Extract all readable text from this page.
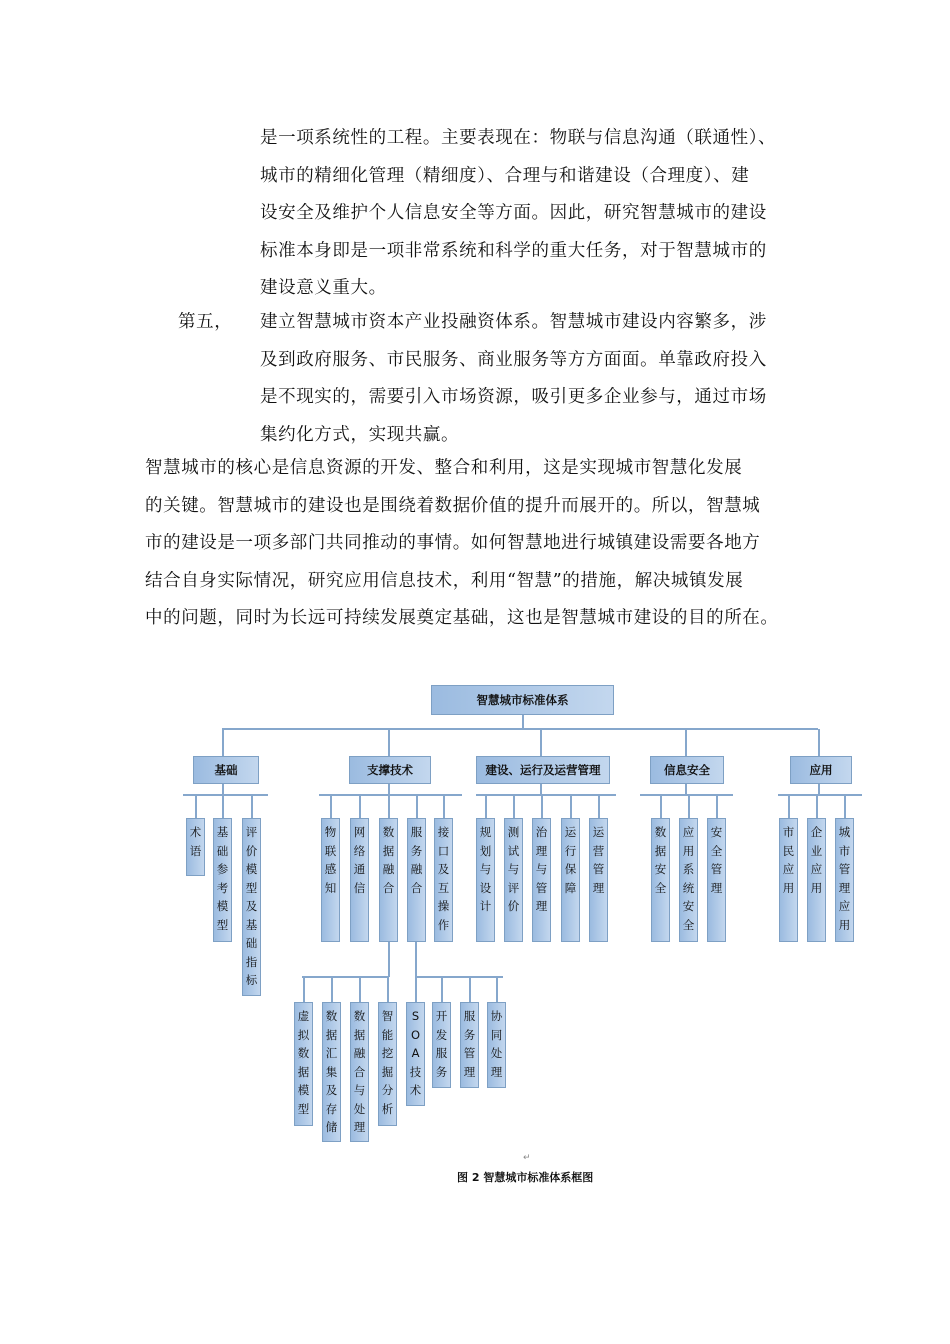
是一项系统性的工程。主要表现在：物联与信息沟通（联通性）、
城市的精细化管理（精细度）、合理与和谐建设（合理度）、建
设安全及维护个人信息安全等方面。因此，研究智慧城市的建设
标准本身即是一项非常系统和科学的重大任务，对于智慧城市的
建设意义重大。
第五， 建立智慧城市资本产业投融资体系。智慧城市建设内容繁多，涉
及到政府服务、市民服务、商业服务等方方面面。单靠政府投入
是不现实的，需要引入市场资源，吸引更多企业参与，通过市场
集约化方式，实现共赢。
智慧城市的核心是信息资源的开发、整合和利用，这是实现城市智慧化发展
的关键。智慧城市的建设也是围绕着数据价值的提升而展开的。所以，智慧城
市的建设是一项多部门共同推动的事情。如何智慧地进行城镇建设需要各地方
结合自身实际情况，研究应用信息技术，利用“智慧”的措施，解决城镇发展
中的问题，同时为长远可持续发展奠定基础，这也是智慧城市建设的目的所在。
智慧城市标准体系
基础	支撑技术	建设、运行及运营管理	信息安全	应用
术
语
基
础
参
考
模
型
评
价
模
型
及
基
础
指
标
物
联
感
知
网
络
通
信
数
据
融
合
服
务
融
合
接
口
及
互
操
作
规
划
与
设
计
测
试
与
评
价
治
理
与
管
理
运
行
保
障
运
营
管
理
数
据
安
全
应
用
系
统
安
全
安
全
管
理
市
民
应
用
企
业
应
用
城
市
管
理
应
用
虚
拟
数
据
模
型
数
据
汇
集
及
存
储
数
据
融
合
与
处
理
智
能
挖
掘
分
析
S
O
A
技
术
开
发
服
务
服
务
管
理
协
同
处
理
↵
图 2 智慧城市标准体系框图
